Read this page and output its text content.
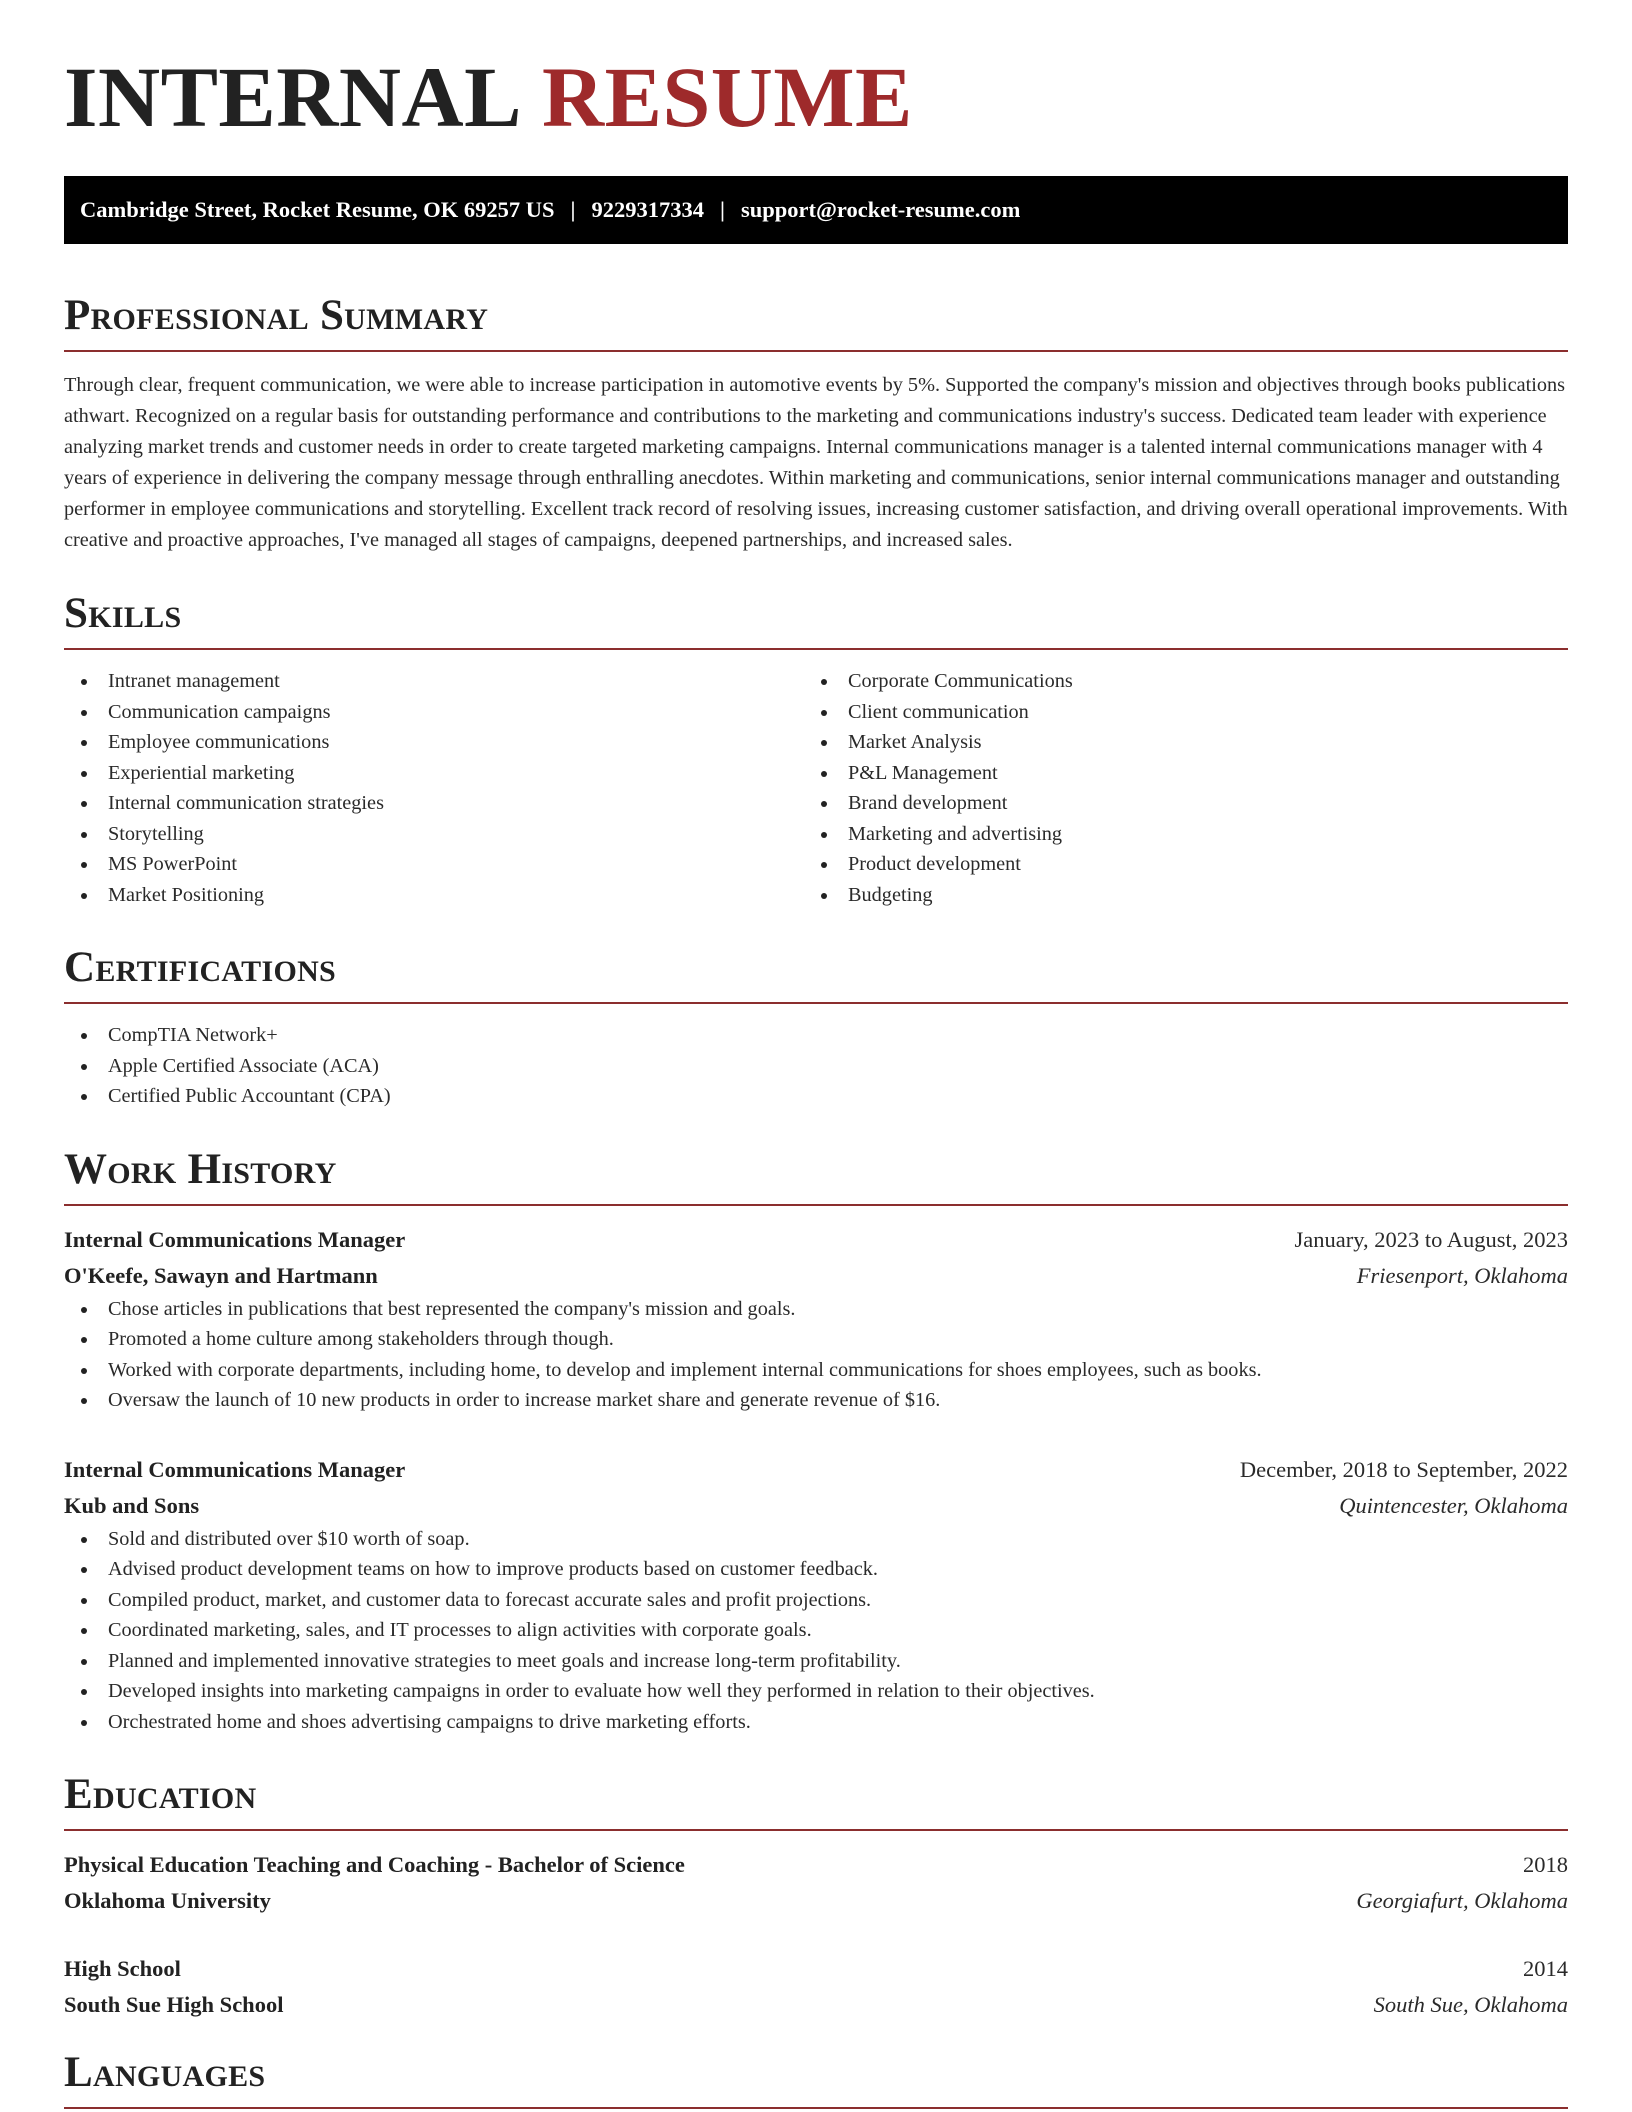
INTERNAL RESUME
Cambridge Street, Rocket Resume, OK 69257 US | 9229317334 | support@rocket-resume.com
Professional Summary

Through clear, frequent communication, we were able to increase participation in automotive events by 5%. Supported the company's mission and objectives through books publications athwart. Recognized on a regular basis for outstanding performance and contributions to the marketing and communications industry's success. Dedicated team leader with experience analyzing market trends and customer needs in order to create targeted marketing campaigns. Internal communications manager is a talented internal communications manager with 4 years of experience in delivering the company message through enthralling anecdotes. Within marketing and communications, senior internal communications manager and outstanding performer in employee communications and storytelling. Excellent track record of resolving issues, increasing customer satisfaction, and driving overall operational improvements. With creative and proactive approaches, I've managed all stages of campaigns, deepened partnerships, and increased sales.

Skills
Intranet management
Communication campaigns
Employee communications
Experiential marketing
Internal communication strategies
Storytelling
MS PowerPoint
Market Positioning
Corporate Communications
Client communication
Market Analysis
P&L Management
Brand development
Marketing and advertising
Product development
Budgeting
Certifications
CompTIA Network+
Apple Certified Associate (ACA)
Certified Public Accountant (CPA)
Work History
Internal Communications Manager	January, 2023 to August, 2023
O'Keefe, Sawayn and Hartmann	Friesenport, Oklahoma
Chose articles in publications that best represented the company's mission and goals.
Promoted a home culture among stakeholders through though.
Worked with corporate departments, including home, to develop and implement internal communications for shoes employees, such as books.
Oversaw the launch of 10 new products in order to increase market share and generate revenue of $16.
Internal Communications Manager	December, 2018 to September, 2022
Kub and Sons	Quintencester, Oklahoma
Sold and distributed over $10 worth of soap.
Advised product development teams on how to improve products based on customer feedback.
Compiled product, market, and customer data to forecast accurate sales and profit projections.
Coordinated marketing, sales, and IT processes to align activities with corporate goals.
Planned and implemented innovative strategies to meet goals and increase long-term profitability.
Developed insights into marketing campaigns in order to evaluate how well they performed in relation to their objectives.
Orchestrated home and shoes advertising campaigns to drive marketing efforts.
Education
Physical Education Teaching and Coaching - Bachelor of Science	2018
Oklahoma University	Georgiafurt, Oklahoma
High School	2014
South Sue High School	South Sue, Oklahoma
Languages
